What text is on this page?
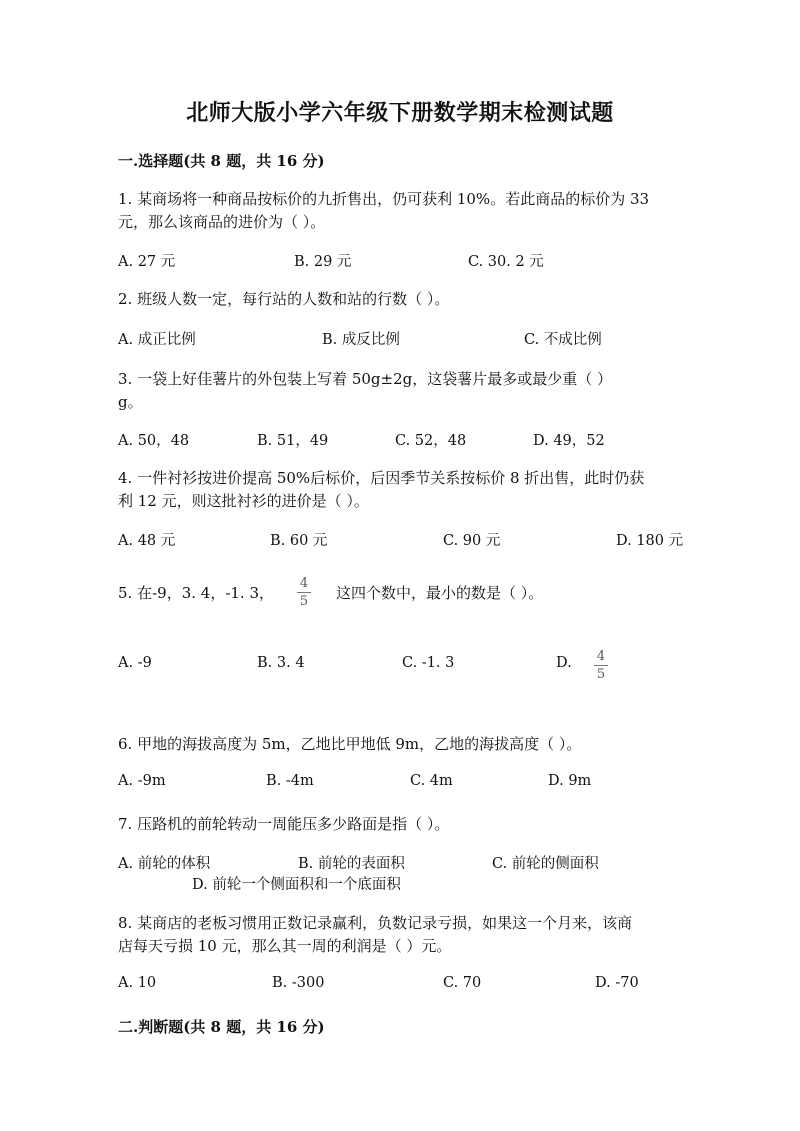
北师大版小学六年级下册数学期末检测试题
一.选择题(共 8 题，共 16 分)
1. 某商场将一种商品按标价的九折售出，仍可获利 10%。若此商品的标价为 33
元，那么该商品的进价为（ ）。
A. 27 元	B. 29 元	C. 30. 2 元
2. 班级人数一定，每行站的人数和站的行数（ ）。
A. 成正比例	B. 成反比例	C. 不成比例
3. 一袋上好佳薯片的外包装上写着 50g±2g，这袋薯片最多或最少重（ ）
g。
A. 50，48	B. 51，49	C. 52，48	D. 49，52
4. 一件衬衫按进价提高 50%后标价，后因季节关系按标价 8 折出售，此时仍获
利 12 元，则这批衬衫的进价是（ ）。
A. 48 元	B. 60 元	C. 90 元	D. 180 元
5. 在-9，3. 4，-1. 3，
4
5 这四个数中，最小的数是（ ）。
A. -9	B. 3. 4	C. -1. 3	D. 4
5
6. 甲地的海拔高度为 5m，乙地比甲地低 9m，乙地的海拔高度（ ）。
A. -9m	B. -4m	C. 4m	D. 9m
7. 压路机的前轮转动一周能压多少路面是指（ ）。
A. 前轮的体积	B. 前轮的表面积	C. 前轮的侧面积
D. 前轮一个侧面积和一个底面积
8. 某商店的老板习惯用正数记录赢利，负数记录亏损，如果这一个月来，该商
店每天亏损 10 元，那么其一周的利润是（ ）元。
A. 10	B. -300	C. 70	D. -70
二.判断题(共 8 题，共 16 分)
